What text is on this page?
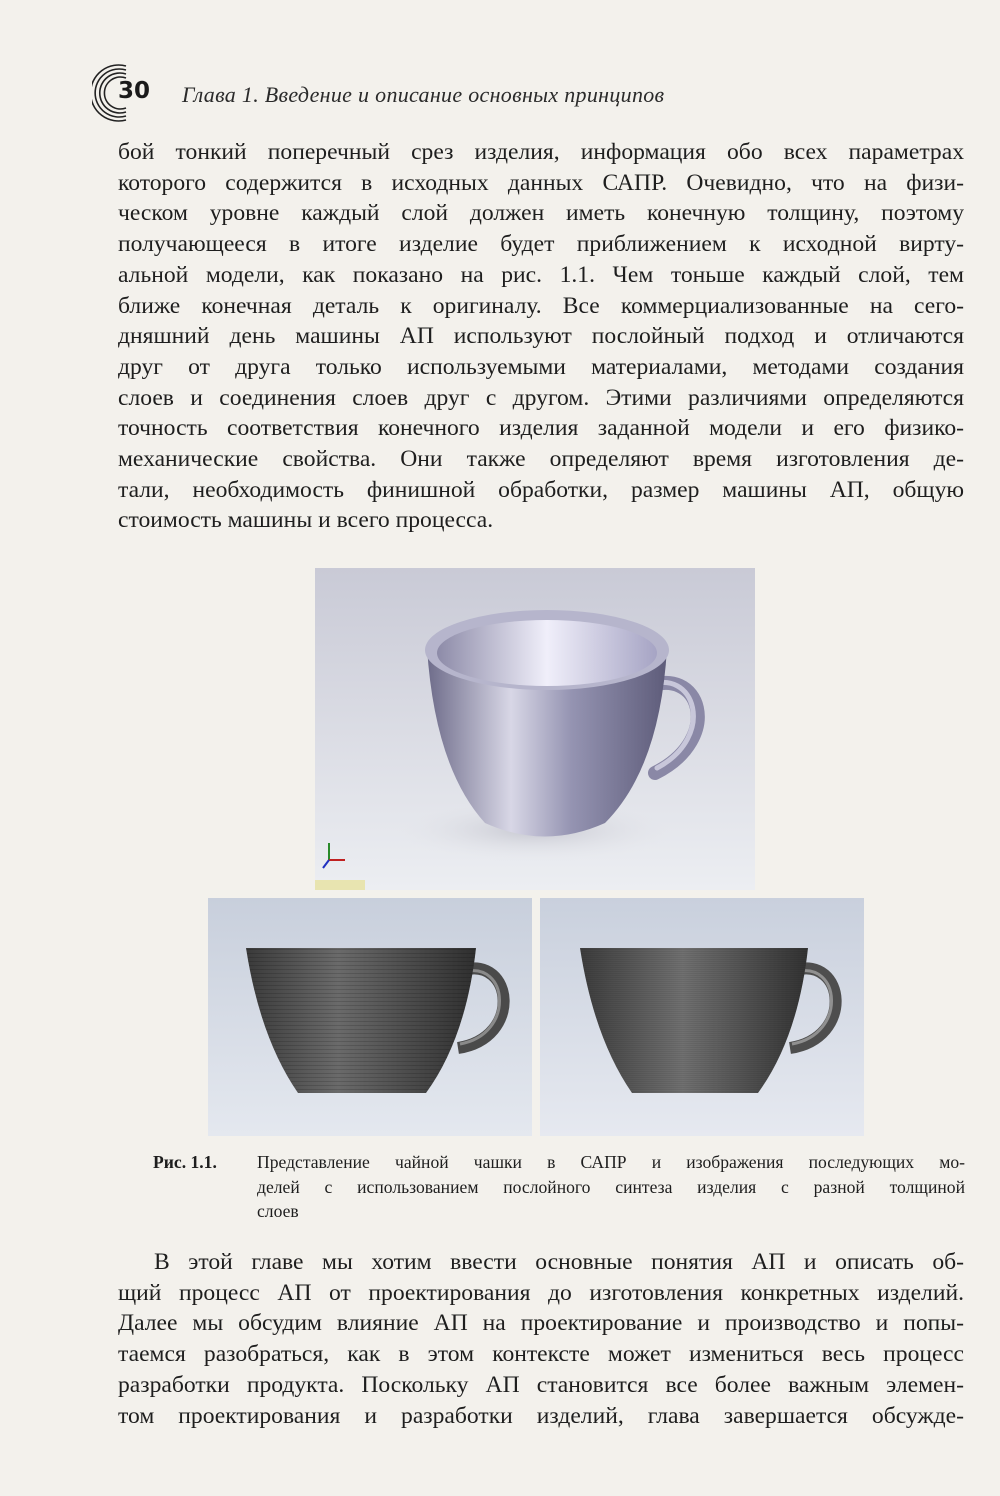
30 Глава 1. Введение и описание основных принципов
бой тонкий поперечный срез изделия, информация обо всех параметрах
которого содержится в исходных данных САПР. Очевидно, что на физи-
ческом уровне каждый слой должен иметь конечную толщину, поэтому
получающееся в итоге изделие будет приближением к исходной вирту-
альной модели, как показано на рис. 1.1. Чем тоньше каждый слой, тем
ближе конечная деталь к оригиналу. Все коммерциализованные на сего-
дняшний день машины АП используют послойный подход и отличаются
друг от друга только используемыми материалами, методами создания
слоев и соединения слоев друг с другом. Этими различиями определяются
точность соответствия конечного изделия заданной модели и его физико-
механические свойства. Они также определяют время изготовления де-
тали, необходимость финишной обработки, размер машины АП, общую
стоимость машины и всего процесса.
Рис. 1.1. Представление чайной чашки в САПР и изображения последующих мо-
делей с использованием послойного синтеза изделия с разной толщиной
слоев
В этой главе мы хотим ввести основные понятия АП и описать об-
щий процесс АП от проектирования до изготовления конкретных изделий.
Далее мы обсудим влияние АП на проектирование и производство и попы-
таемся разобраться, как в этом контексте может измениться весь процесс
разработки продукта. Поскольку АП становится все более важным элемен-
том проектирования и разработки изделий, глава завершается обсужде-
